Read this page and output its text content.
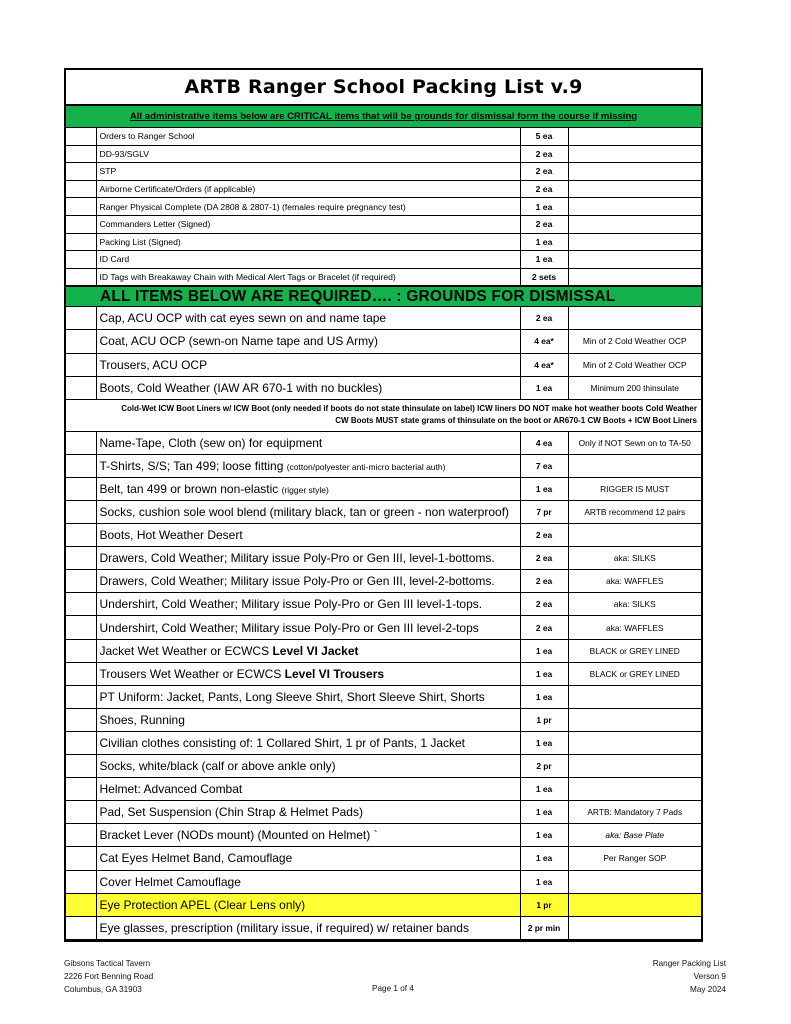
ARTB Ranger School Packing List v.9
All administrative items below are CRITICAL items that will be grounds for dismissal form the course if missing
	Orders to Ranger School	5 ea	
	DD-93/SGLV	2 ea	
	STP	2 ea	
	Airborne Certificate/Orders (if applicable)	2 ea	
	Ranger Physical Complete (DA 2808 & 2807-1) (females require pregnancy test)	1 ea	
	Commanders Letter (Signed)	2 ea	
	Packing List (Signed)	1 ea	
	ID Card	1 ea	
	ID Tags with Breakaway Chain with Medical Alert Tags or Bracelet (if required)	2 sets	
ALL ITEMS BELOW ARE REQUIRED…. : GROUNDS FOR DISMISSAL
	Cap, ACU OCP with cat eyes sewn on and name tape	2 ea	
	Coat, ACU OCP (sewn-on Name tape and US Army)	4 ea*	Min of 2 Cold Weather OCP
	Trousers, ACU OCP	4 ea*	Min of 2 Cold Weather OCP
	Boots, Cold Weather (IAW AR 670-1 with no buckles)	1 ea	Minimum 200 thinsulate

Cold-Wet ICW Boot Liners w/ ICW Boot (only needed if boots do not state thinsulate on label) ICW liners DO NOT make hot weather boots Cold Weather
CW Boots MUST state grams of thinsulate on the boot or AR670-1 CW Boots + ICW Boot Liners			

	Name-Tape, Cloth (sew on) for equipment	4 ea	Only if NOT Sewn on to TA-50
	T-Shirts, S/S; Tan 499; loose fitting (cotton/polyester anti-micro bacterial auth)	7 ea	
	Belt, tan 499 or brown non-elastic (rigger style)	1 ea	RIGGER IS MUST
	Socks, cushion sole wool blend (military black, tan or green - non waterproof)	7 pr	ARTB recommend 12 pairs
	Boots, Hot Weather Desert	2 ea	
	Drawers, Cold Weather; Military issue Poly-Pro or Gen III, level-1-bottoms.	2 ea	aka: SILKS
	Drawers, Cold Weather; Military issue Poly-Pro or Gen III, level-2-bottoms.	2 ea	aka: WAFFLES
	Undershirt, Cold Weather; Military issue Poly-Pro or Gen III level-1-tops.	2 ea	aka: SILKS
	Undershirt, Cold Weather; Military issue Poly-Pro or Gen III level-2-tops	2 ea	aka: WAFFLES
	Jacket Wet Weather or ECWCS Level VI Jacket	1 ea	BLACK or GREY LINED
	Trousers Wet Weather or ECWCS Level VI Trousers	1 ea	BLACK or GREY LINED
	PT Uniform: Jacket, Pants, Long Sleeve Shirt, Short Sleeve Shirt, Shorts	1 ea	
	Shoes, Running	1 pr	
	Civilian clothes consisting of: 1 Collared Shirt, 1 pr of Pants, 1 Jacket	1 ea	
	Socks, white/black (calf or above ankle only)	2 pr	
	Helmet: Advanced Combat	1 ea	
	Pad, Set Suspension (Chin Strap & Helmet Pads)	1 ea	ARTB: Mandatory 7 Pads
	Bracket Lever (NODs mount) (Mounted on Helmet) `	1 ea	aka: Base Plate
	Cat Eyes Helmet Band, Camouflage	1 ea	Per Ranger SOP
	Cover Helmet Camouflage	1 ea	
	Eye Protection APEL (Clear Lens only)	1 pr	
	Eye glasses, prescription (military issue, if required) w/ retainer bands	2 pr min	
Gibsons Tactical Tavern
2226 Fort Benning Road
Columbus, GA 31903	Page 1 of 4
Ranger Packing List
Verson 9
May 2024
